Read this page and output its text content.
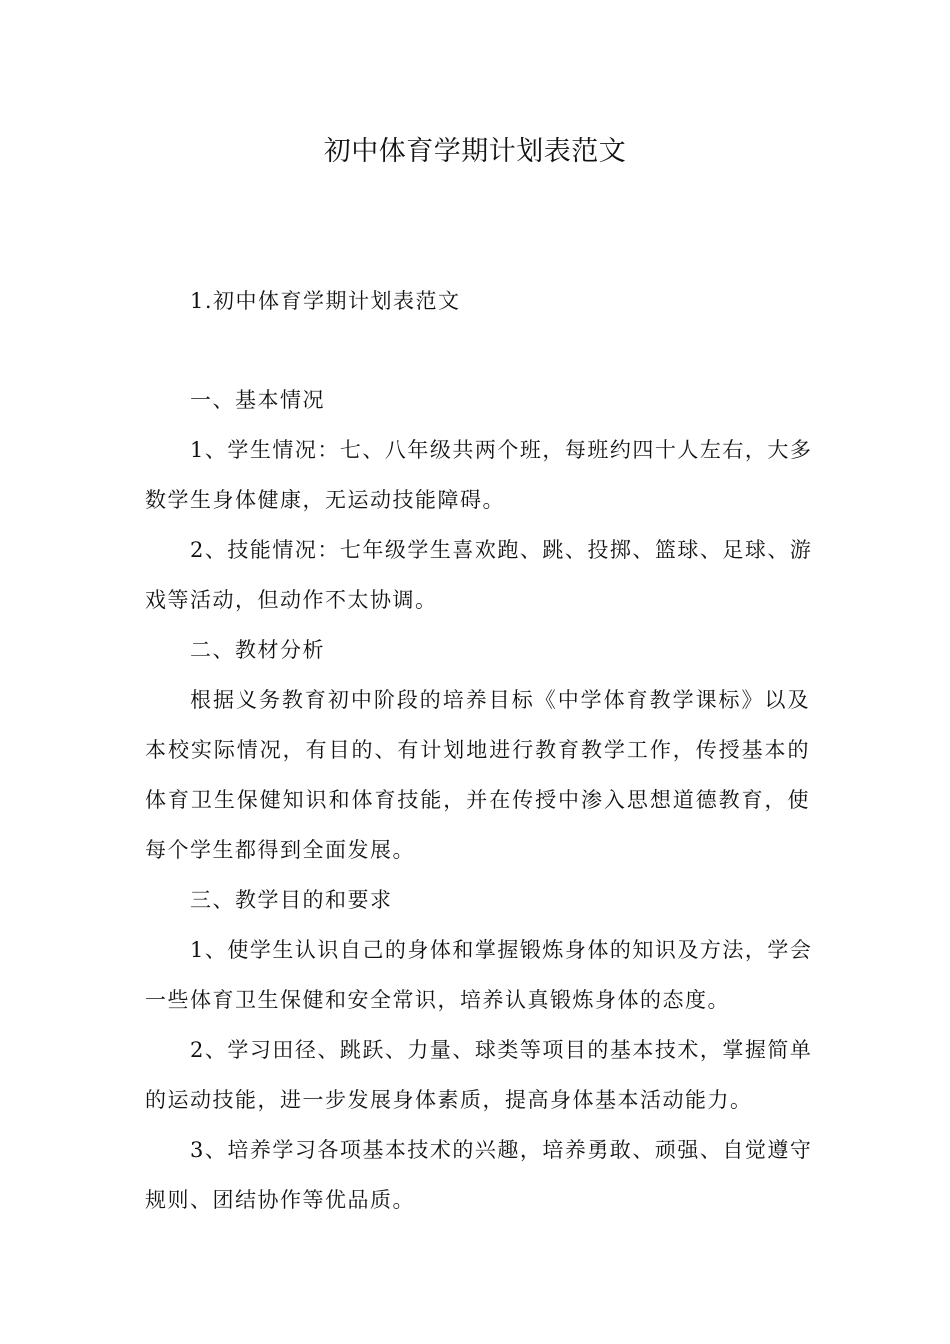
初中体育学期计划表范文
1.初中体育学期计划表范文
一、基本情况
1、学生情况：七、八年级共两个班，每班约四十人左右，大多
数学生身体健康，无运动技能障碍。
2、技能情况：七年级学生喜欢跑、跳、投掷、篮球、足球、游
戏等活动，但动作不太协调。
二、教材分析
根据义务教育初中阶段的培养目标《中学体育教学课标》以及
本校实际情况，有目的、有计划地进行教育教学工作，传授基本的
体育卫生保健知识和体育技能，并在传授中渗入思想道德教育，使
每个学生都得到全面发展。
三、教学目的和要求
1、使学生认识自己的身体和掌握锻炼身体的知识及方法，学会
一些体育卫生保健和安全常识，培养认真锻炼身体的态度。
2、学习田径、跳跃、力量、球类等项目的基本技术，掌握简单
的运动技能，进一步发展身体素质，提高身体基本活动能力。
3、培养学习各项基本技术的兴趣，培养勇敢、顽强、自觉遵守
规则、团结协作等优品质。
